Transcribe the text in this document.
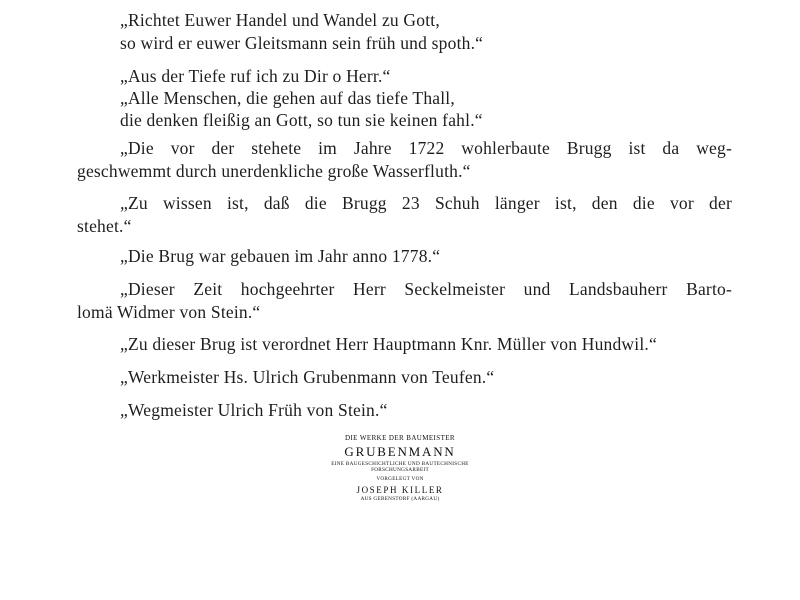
„Richtet Euwer Handel und Wandel zu Gott,
so wird er euwer Gleitsmann sein früh und spoth.“
„Aus der Tiefe ruf ich zu Dir o Herr.“
„Alle Menschen, die gehen auf das tiefe Thall,
die denken fleißig an Gott, so tun sie keinen fahl.“
„Die vor der stehete im Jahre 1722 wohlerbaute Brugg ist da weg-
geschwemmt durch unerdenkliche große Wasserfluth.“
„Zu wissen ist, daß die Brugg 23 Schuh länger ist, den die vor der
stehet.“
„Die Brug war gebauen im Jahr anno 1778.“
„Dieser Zeit hochgeehrter Herr Seckelmeister und Landsbauherr Barto-
lomä Widmer von Stein.“
„Zu dieser Brug ist verordnet Herr Hauptmann Knr. Müller von Hundwil.“
„Werkmeister Hs. Ulrich Grubenmann von Teufen.“
„Wegmeister Ulrich Früh von Stein.“
DIE WERKE DER BAUMEISTER
GRUBENMANN
EINE BAUGESCHICHTLICHE UND BAUTECHNISCHE
FORSCHUNGSARBEIT
VORGELEGT VON
JOSEPH KILLER
AUS GEBENSTORF (AARGAU)
